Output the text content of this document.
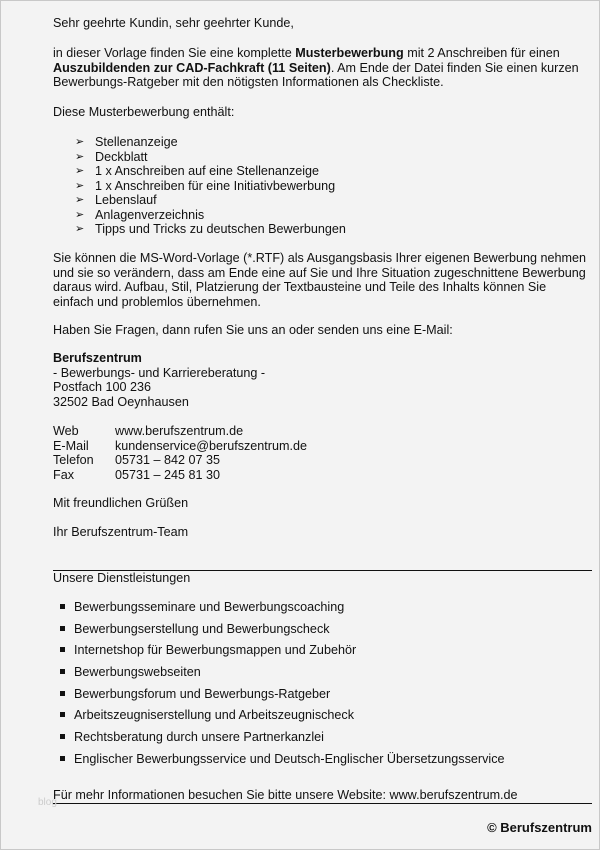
Sehr geehrte Kundin, sehr geehrter Kunde,
in dieser Vorlage finden Sie eine komplette Musterbewerbung mit 2 Anschreiben für einen
Auszubildenden zur CAD-Fachkraft (11 Seiten). Am Ende der Datei finden Sie einen kurzen
Bewerbungs-Ratgeber mit den nötigsten Informationen als Checkliste.
Diese Musterbewerbung enthält:
➢ Stellenanzeige
➢ Deckblatt
➢ 1 x Anschreiben auf eine Stellenanzeige
➢ 1 x Anschreiben für eine Initiativbewerbung
➢ Lebenslauf
➢ Anlagenverzeichnis
➢ Tipps und Tricks zu deutschen Bewerbungen
Sie können die MS-Word-Vorlage (*.RTF) als Ausgangsbasis Ihrer eigenen Bewerbung nehmen
und sie so verändern, dass am Ende eine auf Sie und Ihre Situation zugeschnittene Bewerbung
daraus wird. Aufbau, Stil, Platzierung der Textbausteine und Teile des Inhalts können Sie
einfach und problemlos übernehmen.
Haben Sie Fragen, dann rufen Sie uns an oder senden uns eine E-Mail:
Berufszentrum
- Bewerbungs- und Karriereberatung -
Postfach 100 236
32502 Bad Oeynhausen
Web	www.berufszentrum.de
E-Mail kundenservice@berufszentrum.de
Telefon 05731 – 842 07 35
Fax	05731 – 245 81 30
Mit freundlichen Grüßen
Ihr Berufszentrum-Team
Unsere Dienstleistungen
Bewerbungsseminare und Bewerbungscoaching
Bewerbungserstellung und Bewerbungscheck
Internetshop für Bewerbungsmappen und Zubehör
Bewerbungswebseiten
Bewerbungsforum und Bewerbungs-Ratgeber
Arbeitszeugniserstellung und Arbeitszeugnischeck
Rechtsberatung durch unsere Partnerkanzlei
Englischer Bewerbungsservice und Deutsch-Englischer Übersetzungsservice
Für mehr Informationen besuchen Sie bitte unsere Website: www.berufszentrum.de
blog
© Berufszentrum
